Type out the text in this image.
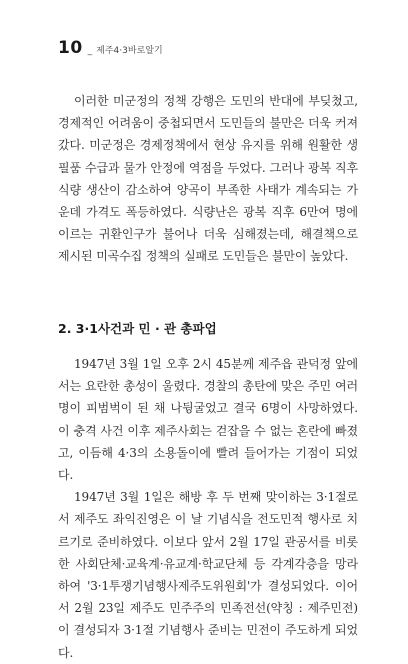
10 _ 제주4·3바로알기

이러한 미군정의 정책 강행은 도민의 반대에 부딪쳤고, 경제적인 어려움이 중첩되면서 도민들의 불만은 더욱 커져갔다. 미군정은 경제정책에서 현상 유지를 위해 원활한 생필품 수급과 물가 안정에 역점을 두었다. 그러나 광복 직후 식량 생산이 감소하여 양곡이 부족한 사태가 계속되는 가운데 가격도 폭등하였다. 식량난은 광복 직후 6만여 명에 이르는 귀환인구가 불어나 더욱 심해졌는데, 해결책으로 제시된 미곡수집 정책의 실패로 도민들은 불만이 높았다.

2. 3·1사건과 민 · 관 총파업

1947년 3월 1일 오후 2시 45분께 제주읍 관덕정 앞에서는 요란한 총성이 울렸다. 경찰의 총탄에 맞은 주민 여러 명이 피범벅이 된 채 나뒹굴었고 결국 6명이 사망하였다. 이 충격 사건 이후 제주사회는 걷잡을 수 없는 혼란에 빠졌고, 이듬해 4·3의 소용돌이에 빨려 들어가는 기점이 되었다.

1947년 3월 1일은 해방 후 두 번째 맞이하는 3·1절로서 제주도 좌익진영은 이 날 기념식을 전도민적 행사로 치르기로 준비하였다. 이보다 앞서 2월 17일 관공서를 비롯한 사회단체·교육계·유교계·학교단체 등 각계각층을 망라하여 '3·1투쟁기념행사제주도위원회'가 결성되었다. 이어서 2월 23일 제주도 민주주의 민족전선(약칭 : 제주민전)이 결성되자 3·1절 기념행사 준비는 민전이 주도하게 되었다.
